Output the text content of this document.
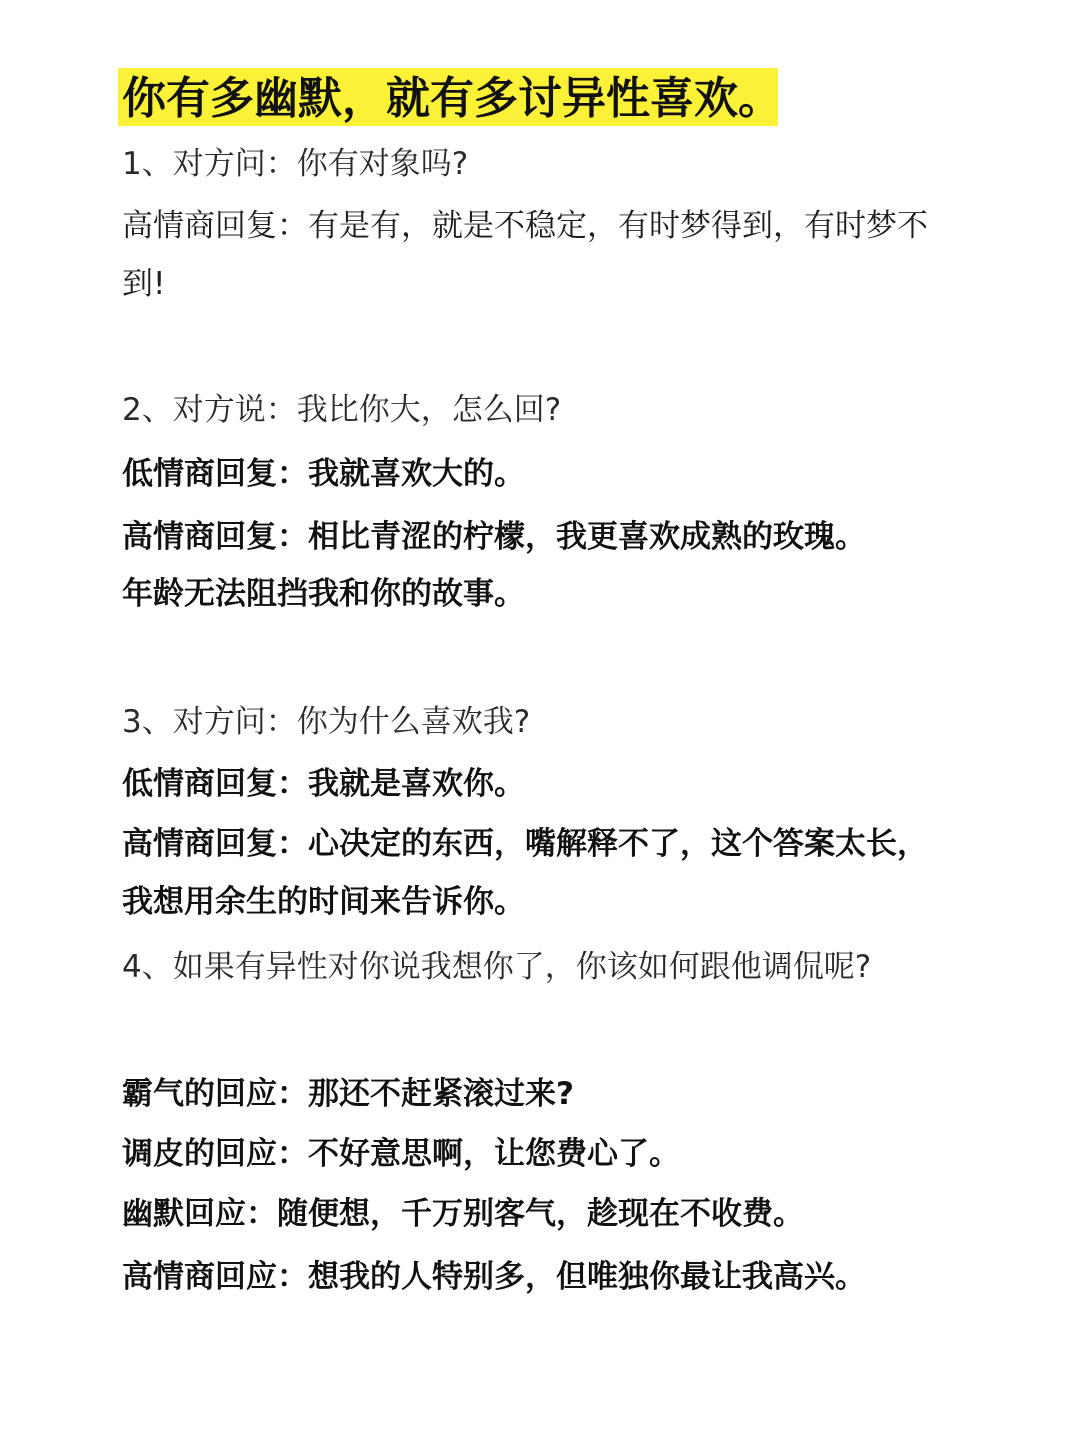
你有多幽默，就有多讨异性喜欢。
1、对方问：你有对象吗?
高情商回复：有是有，就是不稳定，有时梦得到，有时梦不
到!
2、对方说：我比你大，怎么回?
低情商回复：我就喜欢大的。
高情商回复：相比青涩的柠檬，我更喜欢成熟的玫瑰。
年龄无法阻挡我和你的故事。
3、对方问：你为什么喜欢我?
低情商回复：我就是喜欢你。
高情商回复：心决定的东西，嘴解释不了，这个答案太长，
我想用余生的时间来告诉你。
4、如果有异性对你说我想你了，你该如何跟他调侃呢?
霸气的回应：那还不赶紧滚过来?
调皮的回应：不好意思啊，让您费心了。
幽默回应：随便想，千万别客气，趁现在不收费。
高情商回应：想我的人特别多，但唯独你最让我高兴。
